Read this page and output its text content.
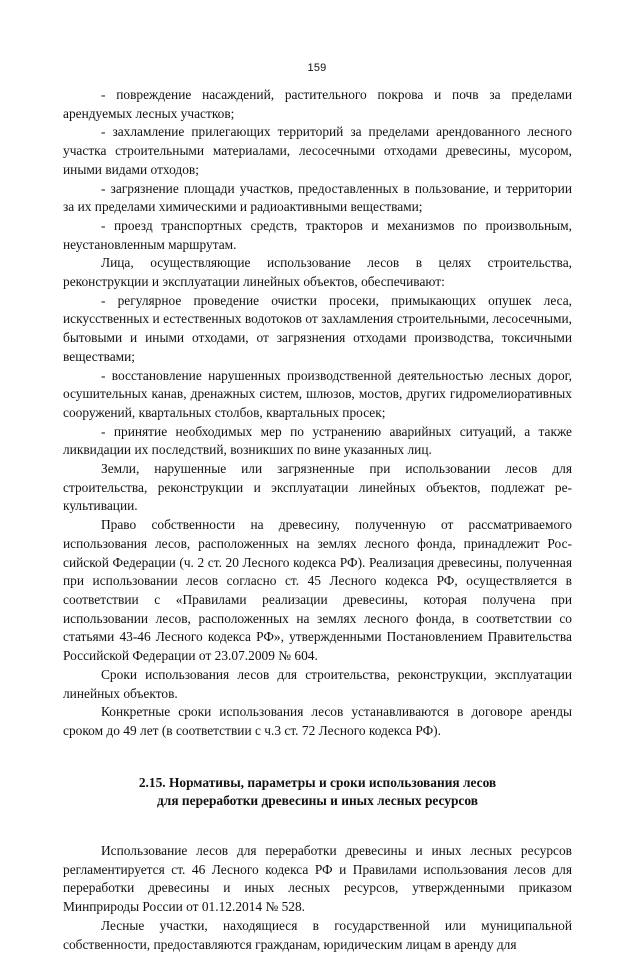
159

- повреждение насаждений, растительного покрова и почв за пределами арендуемых лесных участков;

- захламление прилегающих территорий за пределами арендованного лесного участка строительными материалами, лесосечными отходами древесины, мусором, иными видами отходов;

- загрязнение площади участков, предоставленных в пользование, и территории за их пределами химическими и радиоактивными веществами;

- проезд транспортных средств, тракторов и механизмов по произвольным, неустановленным маршрутам.

Лица, осуществляющие использование лесов в целях строительства, реконструкции и эксплуатации линейных объектов, обеспечивают:

- регулярное проведение очистки просеки, примыкающих опушек леса, искусственных и естественных водотоков от захламления строительными, лесосечными, бытовыми и иными отходами, от загрязнения отходами производства, токсичными веществами;

- восстановление нарушенных производственной деятельностью лесных дорог, осушительных канав, дренажных систем, шлюзов, мостов, других гидромелиоративных сооружений, квартальных столбов, квартальных просек;

- принятие необходимых мер по устранению аварийных ситуаций, а также ликвидации их последствий, возникших по вине указанных лиц.

Земли, нарушенные или загрязненные при использовании лесов для строительства, реконструкции и эксплуатации линейных объектов, подлежат рекультивации.

Право собственности на древесину, полученную от рассматриваемого использования лесов, расположенных на землях лесного фонда, принадлежит Российской Федерации (ч. 2 ст. 20 Лесного кодекса РФ). Реализация древесины, полученная при использовании лесов согласно ст. 45 Лесного кодекса РФ, осуществляется в соответствии с «Правилами реализации древесины, которая получена при использовании лесов, расположенных на землях лесного фонда, в соответствии со статьями 43-46 Лесного кодекса РФ», утвержденными Постановлением Правительства Российской Федерации от 23.07.2009 № 604.

Сроки использования лесов для строительства, реконструкции, эксплуатации линейных объектов.

Конкретные сроки использования лесов устанавливаются в договоре аренды сроком до 49 лет (в соответствии с ч.3 ст. 72 Лесного кодекса РФ).

2.15. Нормативы, параметры и сроки использования лесов
для переработки древесины и иных лесных ресурсов

Использование лесов для переработки древесины и иных лесных ресурсов регламентируется ст. 46 Лесного кодекса РФ и Правилами использования лесов для переработки древесины и иных лесных ресурсов, утвержденными приказом Минприроды России от 01.12.2014 № 528.

Лесные участки, находящиеся в государственной или муниципальной собственности, предоставляются гражданам, юридическим лицам в аренду для
